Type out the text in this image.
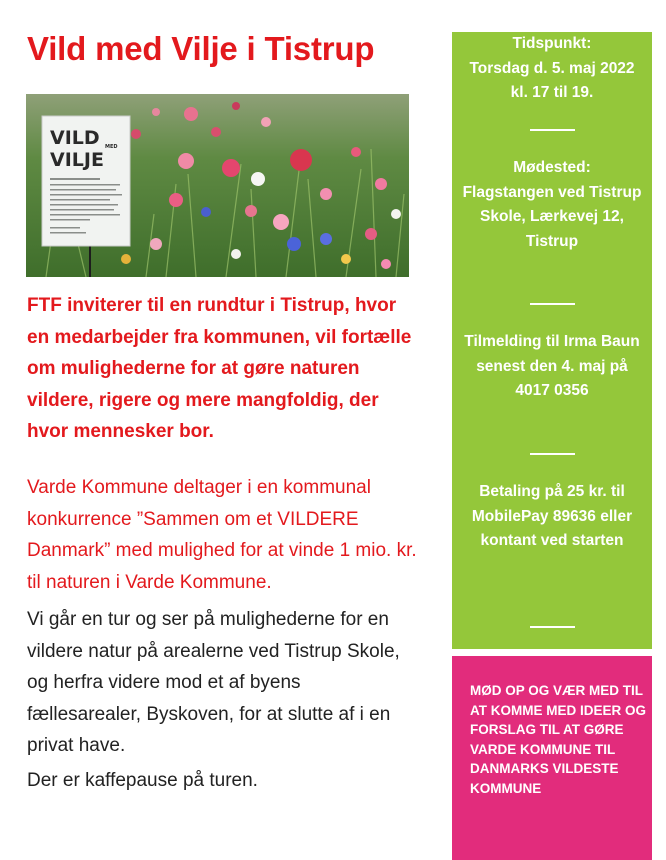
Vild med Vilje i Tistrup
VILD MED
VILJE
FTF inviterer til en rundtur i Tistrup, hvor en medarbejder fra kommunen, vil fortælle om mulighederne for at gøre naturen vildere, rigere og mere mangfoldig, der hvor mennesker bor.
Varde Kommune deltager i en kommunal konkurrence ”Sammen om et VILDERE Danmark” med mulighed for at vinde 1 mio. kr. til naturen i Varde Kommune.
Vi går en tur og ser på mulighederne for en vildere natur på arealerne ved Tistrup Skole, og herfra videre mod et af byens fællesarealer, Byskoven, for at slutte af i en privat have.
Der er kaffepause på turen.
Tidspunkt:
Torsdag d. 5. maj 2022 kl. 17 til 19.
Mødested:
Flagstangen ved Tistrup Skole, Lærkevej 12, Tistrup
Tilmelding til Irma Baun senest den 4. maj på 4017 0356
Betaling på 25 kr. til MobilePay 89636 eller kontant ved starten
MØD OP OG VÆR MED TIL AT KOMME MED IDEER OG FORSLAG TIL AT GØRE VARDE KOMMUNE TIL DANMARKS VILDESTE KOMMUNE
